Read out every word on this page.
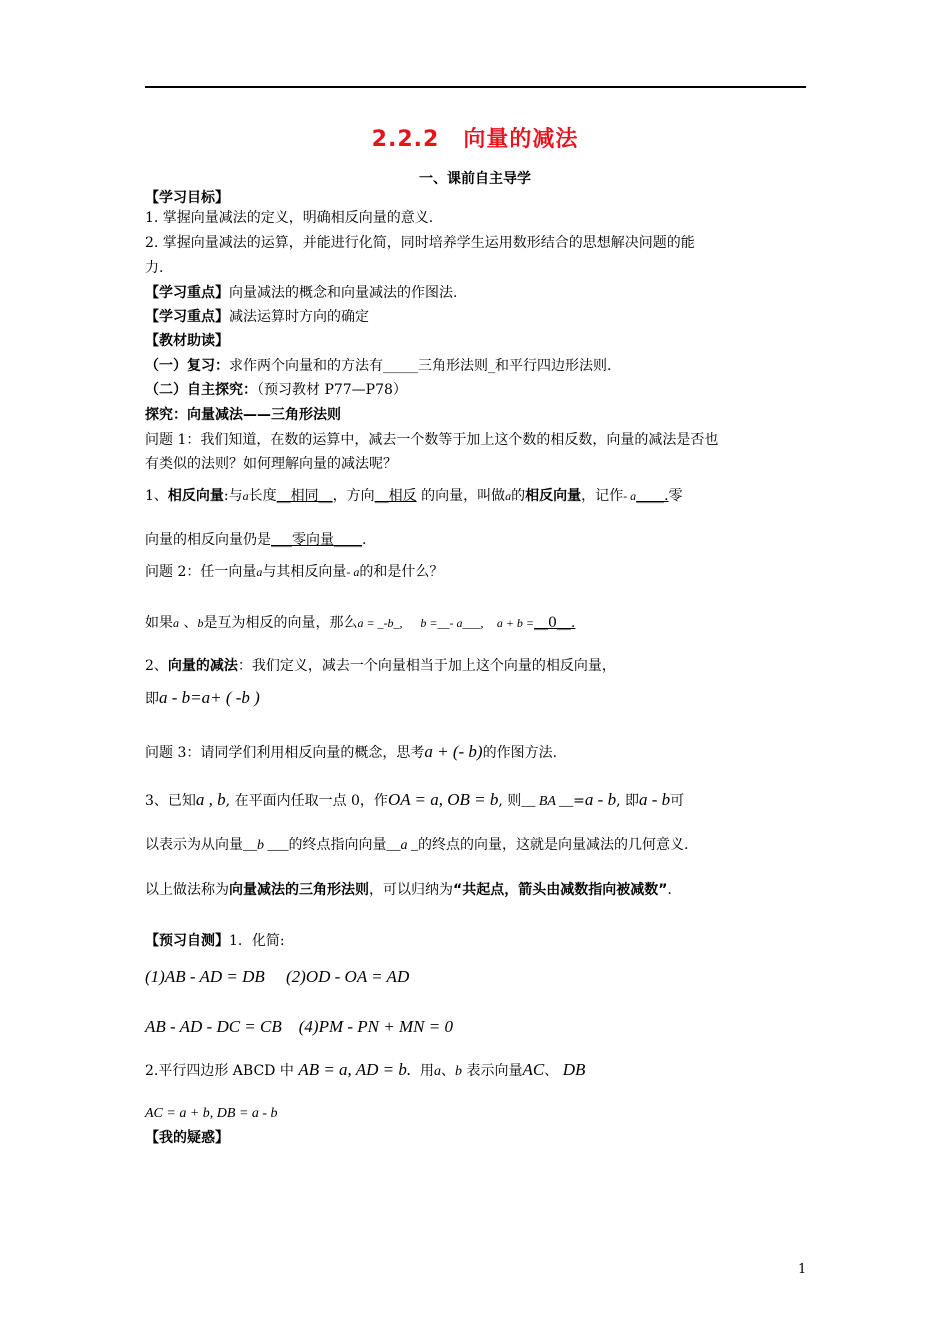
2.2.2 向量的减法
一、课前自主导学
【学习目标】
1. 掌握向量减法的定义，明确相反向量的意义.
2. 掌握向量减法的运算，并能进行化简，同时培养学生运用数形结合的思想解决问题的能
力.
【学习重点】向量减法的概念和向量减法的作图法.
【学习重点】减法运算时方向的确定
【教材助读】
（一）复习：求作两个向量和的方法有_____三角形法则_和平行四边形法则.
（二）自主探究：（预习教材 P77—P78）
探究：向量减法——三角形法则
问题 1：我们知道，在数的运算中，减去一个数等于加上这个数的相反数，向量的减法是否也
有类似的法则？如何理解向量的减法呢？
1、相反向量:与a长度__相同__，方向__相反 的向量，叫做a的相反向量，记作- a____.零
向量的相反向量仍是___零向量____.
问题 2：任一向量a与其相反向量- a的和是什么？
如果a 、b是互为相反的向量，那么a = _-b_, b =__- a___, a + b =__0__.
2、向量的减法：我们定义，减去一个向量相当于加上这个向量的相反向量，
即a - b=a+ ( -b )
问题 3：请同学们利用相反向量的概念，思考a + (- b)的作图方法.
3、已知a , b, 在平面内任取一点 0，作OA = a, OB = b, 则__ BA __=a - b, 即a - b可
以表示为从向量__b ___的终点指向向量__a _的终点的向量，这就是向量减法的几何意义.
以上做法称为向量减法的三角形法则，可以归纳为“共起点，箭头由减数指向被减数”.
【预习自测】1．化简:
(1)AB - AD = DB (2)OD - OA = AD
AB - AD - DC = CB (4)PM - PN + MN = 0
2.平行四边形 ABCD 中 AB = a, AD = b. 用a、b 表示向量AC、 DB
AC = a + b, DB = a - b
【我的疑惑】
1
